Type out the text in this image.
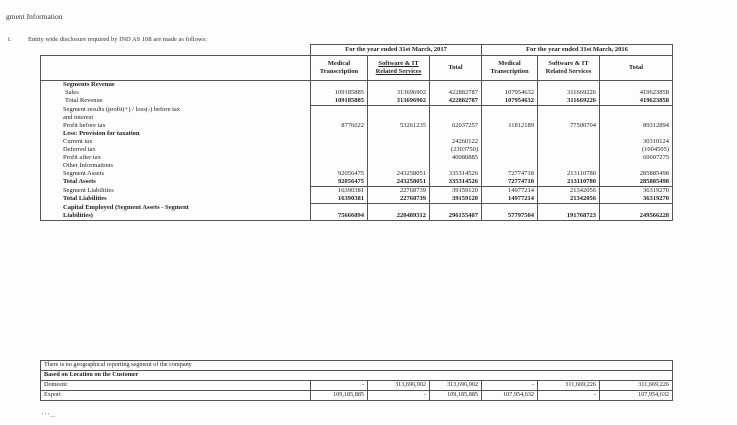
gment Information
i.	Entity wide disclosure required by IND AS 108 are made as follows:
	For the year ended 31st March, 2017			For the year ended 31st March, 2016		
	Medical Transcription	Software & IT Related Services	Total	Medical Transcription	Software & IT Related Services	Total
Segments Revenue						
Sales	109185885	313696902	422882787	107954632	311669226	419623858

Total Revenue	109185885	313696902	422882787	107954632	311669226	419623858

Segment results (profit(+) / loss(-) before tax						
and interest						
Profit before tax	8776022	53261235	62037257	11812189	77500704	89312894

Less: Provision for taxation						
Current tax			24260122			30310124
Deferred tax			(2303750)			(1004505)
Profit after tax			40080885			60007275

Other Informations						
Segment Assets	92056475	243258051	335314526	72774718	213110780	285885498
Total Assets	92056475	243258051	335314526	72774718	213110780	285885498

Segment Liabilities	16390381	22768739	39159120	14977214	21342056	36319270
Total Liabilities	16390381	22768739	39159120	14977214	21342056	36319270

Capital Employed (Segment Assets - Segment						
Liabilities)	75666094	220489312	296155407	57797504	191768723	249566228
There is no geographical reporting segment of the company						
Based on Location on the Customer						
Domestic	-	313,696,902	313,696,902	-	311,669,226	311,669,226
Export	109,185,885	-	109,185,885	107,954,632	-	107,954,632
' ' ' ...
